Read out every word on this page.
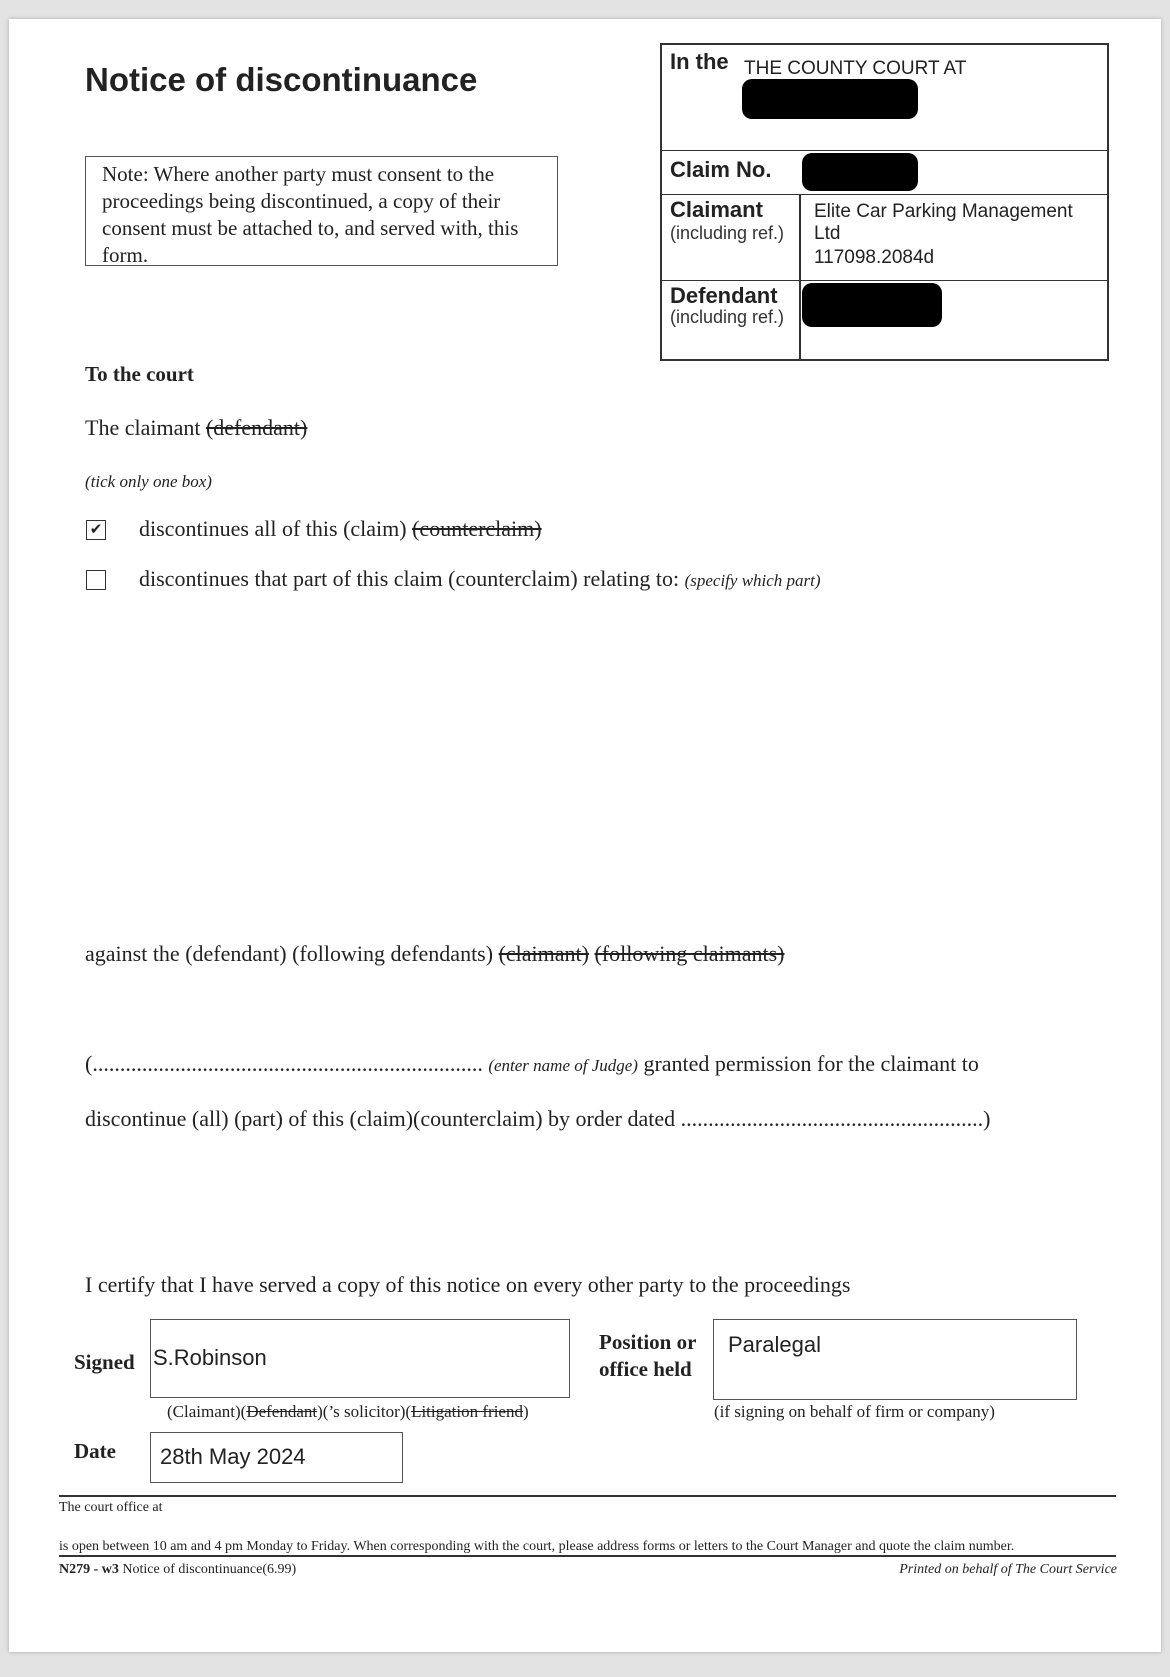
Notice of discontinuance
Note: Where another party must consent to the proceedings being discontinued, a copy of their consent must be attached to, and served with, this form.
In the THE COUNTY COURT AT
Claim No.
Claimant
(including ref.)
Elite Car Parking Management
Ltd
117098.2084d
Defendant
(including ref.)
To the court
The claimant (defendant)
(tick only one box)
✔ discontinues all of this (claim) (counterclaim)
discontinues that part of this claim (counterclaim) relating to: (specify which part)
against the (defendant) (following defendants) (claimant) (following claimants)
(....................................................................... (enter name of Judge) granted permission for the claimant to
discontinue (all) (part) of this (claim)(counterclaim) by order dated .......................................................)
I certify that I have served a copy of this notice on every other party to the proceedings
Signed S.Robinson
(Claimant)(Defendant)(’s solicitor)(Litigation friend)
Position or
office held
Paralegal
(if signing on behalf of firm or company)
Date	28th May 2024
The court office at
is open between 10 am and 4 pm Monday to Friday. When corresponding with the court, please address forms or letters to the Court Manager and quote the claim number.
N279 - w3 Notice of discontinuance(6.99)	Printed on behalf of The Court Service
